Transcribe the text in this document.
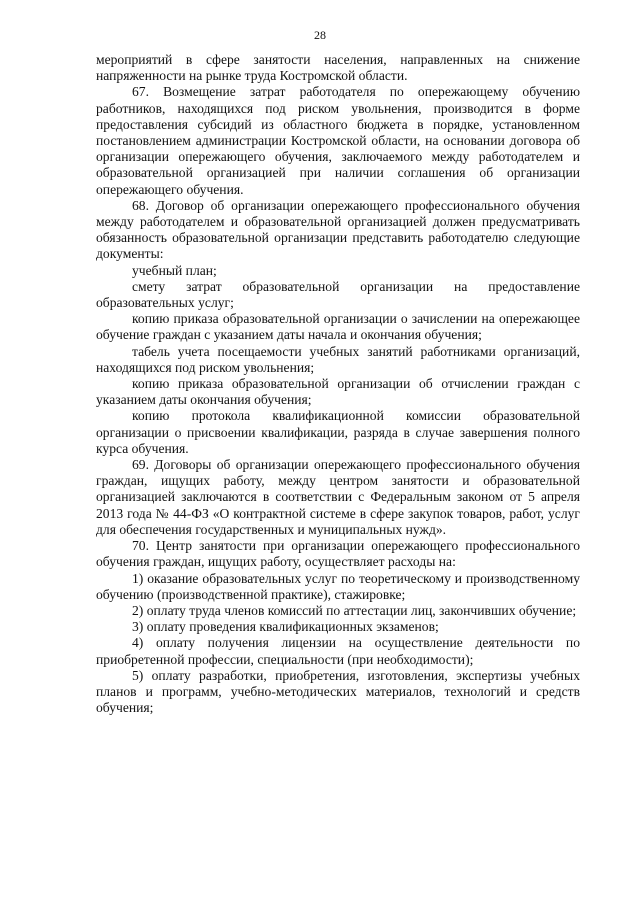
28

мероприятий в сфере занятости населения, направленных на снижение напряженности на рынке труда Костромской области.

67. Возмещение затрат работодателя по опережающему обучению работников, находящихся под риском увольнения, производится в форме предоставления субсидий из областного бюджета в порядке, установленном постановлением администрации Костромской области, на основании договора об организации опережающего обучения, заключаемого между работодателем и образовательной организацией при наличии соглашения об организации опережающего обучения.

68. Договор об организации опережающего профессионального обучения между работодателем и образовательной организацией должен предусматривать обязанность образовательной организации представить работодателю следующие документы:

учебный план;

смету затрат образовательной организации на предоставление образовательных услуг;

копию приказа образовательной организации о зачислении на опережающее обучение граждан с указанием даты начала и окончания обучения;

табель учета посещаемости учебных занятий работниками организаций, находящихся под риском увольнения;

копию приказа образовательной организации об отчислении граждан с указанием даты окончания обучения;

копию протокола квалификационной комиссии образовательной организации о присвоении квалификации, разряда в случае завершения полного курса обучения.

69. Договоры об организации опережающего профессионального обучения граждан, ищущих работу, между центром занятости и образовательной организацией заключаются в соответствии с Федеральным законом от 5 апреля 2013 года № 44-ФЗ «О контрактной системе в сфере закупок товаров, работ, услуг для обеспечения государственных и муниципальных нужд».

70. Центр занятости при организации опережающего профессионального обучения граждан, ищущих работу, осуществляет расходы на:

1) оказание образовательных услуг по теоретическому и производственному обучению (производственной практике), стажировке;

2) оплату труда членов комиссий по аттестации лиц, закончивших обучение;

3) оплату проведения квалификационных экзаменов;

4) оплату получения лицензии на осуществление деятельности по приобретенной профессии, специальности (при необходимости);

5) оплату разработки, приобретения, изготовления, экспертизы учебных планов и программ, учебно-методических материалов, технологий и средств обучения;
